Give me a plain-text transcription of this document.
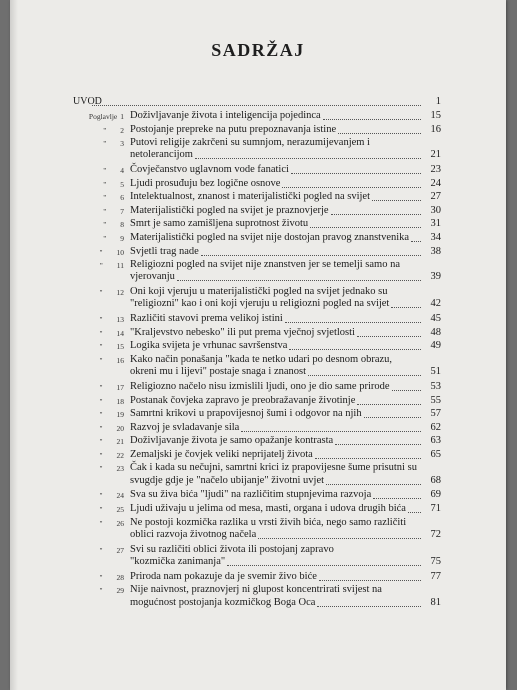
SADRŽAJ
UVOD	1
Poglavlje 1 Doživljavanje života i inteligencija pojedinca	15
" 2 Postojanje prepreke na putu prepoznavanja istine	16
" 3 Putovi religije zakrčeni su sumnjom, nerazumijevanjem i
netolerancijom	21
" 4 Čovječanstvo uglavnom vode fanatici	23
" 5 Ljudi prosuđuju bez logične osnove	24
" 6 Intelektualnost, znanost i materijalistički pogled na svijet	27
" 7 Materijalistički pogled na svijet je praznovjerje	30
" 8 Smrt je samo zamišljena suprotnost životu	31
" 9 Materijalistički pogled na svijet nije dostojan pravog znanstvenika	34
" 10 Svjetli trag nade	38
" 11 Religiozni pogled na svijet nije znanstven jer se temelji samo na
vjerovanju	39
" 12 Oni koji vjeruju u materijalistički pogled na svijet jednako su
"religiozni" kao i oni koji vjeruju u religiozni pogled na svijet	42
" 13 Različiti stavovi prema velikoj istini	45
" 14 "Kraljevstvo nebesko" ili put prema vječnoj svjetlosti	48
" 15 Logika svijeta je vrhunac savršenstva	49
" 16 Kako način ponašanja "kada te netko udari po desnom obrazu,
okreni mu i lijevi" postaje snaga i znanost	51
" 17 Religiozno načelo nisu izmislili ljudi, ono je dio same prirode	53
" 18 Postanak čovjeka zapravo je preobražavanje životinje	55
" 19 Samrtni krikovi u prapovijesnoj šumi i odgovor na njih	57
" 20 Razvoj je svladavanje sila	62
" 21 Doživljavanje života je samo opažanje kontrasta	63
" 22 Zemaljski je čovjek veliki neprijatelj života	65
" 23 Čak i kada su nečujni, samrtni krici iz prapovijesne šume prisutni su
svugdje gdje je "načelo ubijanje" životni uvjet	68
" 24 Sva su živa bića "ljudi" na različitim stupnjevima razvoja	69
" 25 Ljudi uživaju u jelima od mesa, masti, organa i udova drugih bića	71
" 26 Ne postoji kozmička razlika u vrsti živih bića, nego samo različiti
oblici razvoja životnog načela	72
" 27 Svi su različiti oblici života ili postojanj zapravo
"kozmička zanimanja"	75
" 28 Priroda nam pokazuje da je svemir živo biće	77
" 29 Nije naivnost, praznovjerj ni glupost koncentrirati svijest na
mogućnost postojanja kozmičkog Boga Oca	81
